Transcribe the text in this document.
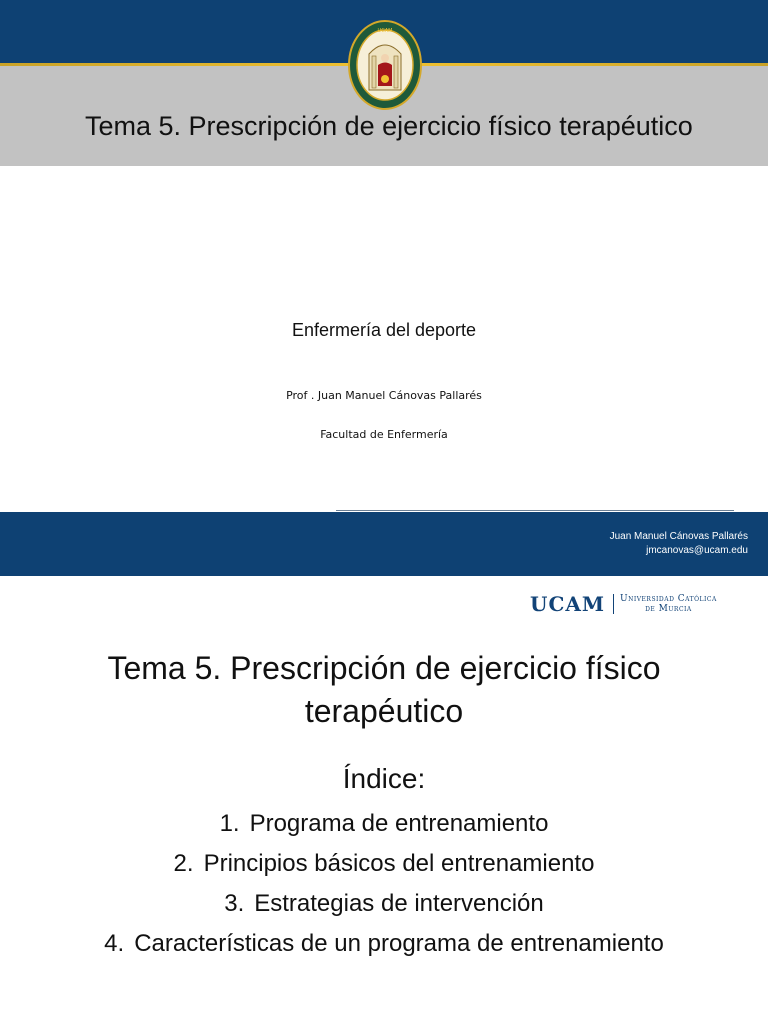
UCAM
Tema 5. Prescripción de ejercicio físico terapéutico
Enfermería del deporte
Prof . Juan Manuel Cánovas Pallarés
Facultad de Enfermería
Juan Manuel Cánovas Pallarés
jmcanovas@ucam.edu
UCAM Universidad Católica
de Murcia
Tema 5. Prescripción de ejercicio físico terapéutico
Índice:
1. Programa de entrenamiento
2. Principios básicos del entrenamiento
3. Estrategias de intervención
4. Características de un programa de entrenamiento
